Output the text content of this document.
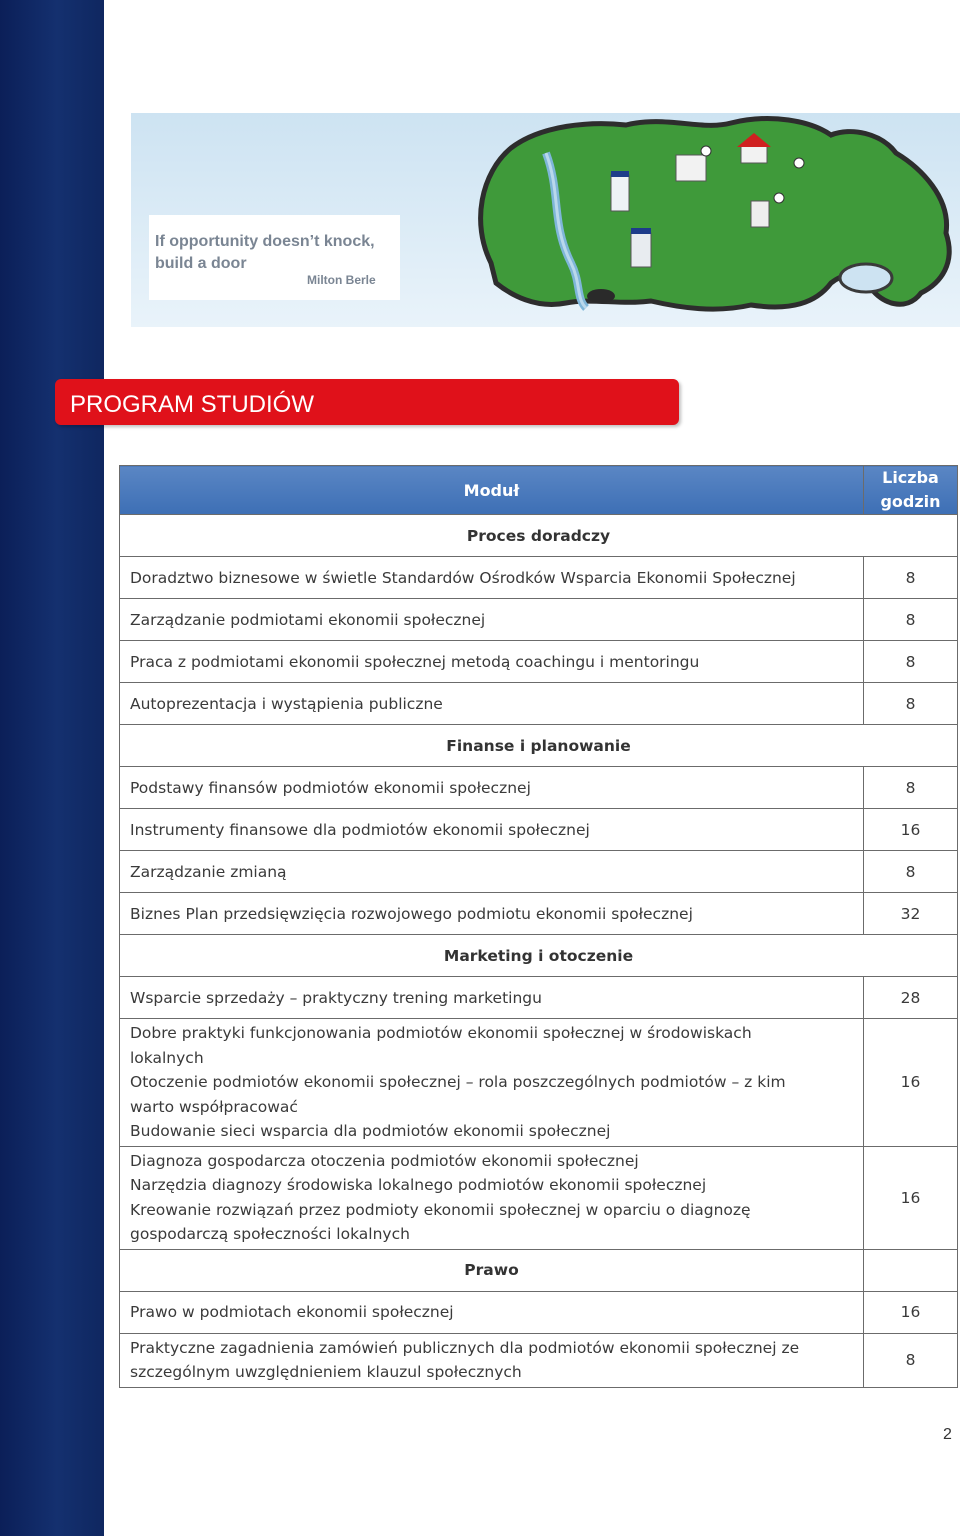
If opportunity doesn’t knock,
build a door
Milton Berle
PROGRAM STUDIÓW
Moduł	Liczba
godzin

Proces doradczy	
Doradztwo biznesowe w świetle Standardów Ośrodków Wsparcia Ekonomii Społecznej	8
Zarządzanie podmiotami ekonomii społecznej	8
Praca z podmiotami ekonomii społecznej metodą coachingu i mentoringu	8
Autoprezentacja i wystąpienia publiczne	8
Finanse i planowanie	
Podstawy finansów podmiotów ekonomii społecznej	8
Instrumenty finansowe dla podmiotów ekonomii społecznej	16
Zarządzanie zmianą	8
Biznes Plan przedsięwzięcia rozwojowego podmiotu ekonomii społecznej	32
Marketing i otoczenie	
Wsparcie sprzedaży – praktyczny trening marketingu	28

Dobre praktyki funkcjonowania podmiotów ekonomii społecznej w środowiskach
lokalnych
Otoczenie podmiotów ekonomii społecznej – rola poszczególnych podmiotów – z kim
warto współpracować
Budowanie sieci wsparcia dla podmiotów ekonomii społecznej	16

Diagnoza gospodarcza otoczenia podmiotów ekonomii społecznej
Narzędzia diagnozy środowiska lokalnego podmiotów ekonomii społecznej
Kreowanie rozwiązań przez podmioty ekonomii społecznej w oparciu o diagnozę
gospodarczą społeczności lokalnych	16
Prawo	
Prawo w podmiotach ekonomii społecznej	16

Praktyczne zagadnienia zamówień publicznych dla podmiotów ekonomii społecznej ze
szczególnym uwzględnieniem klauzul społecznych	8
2
